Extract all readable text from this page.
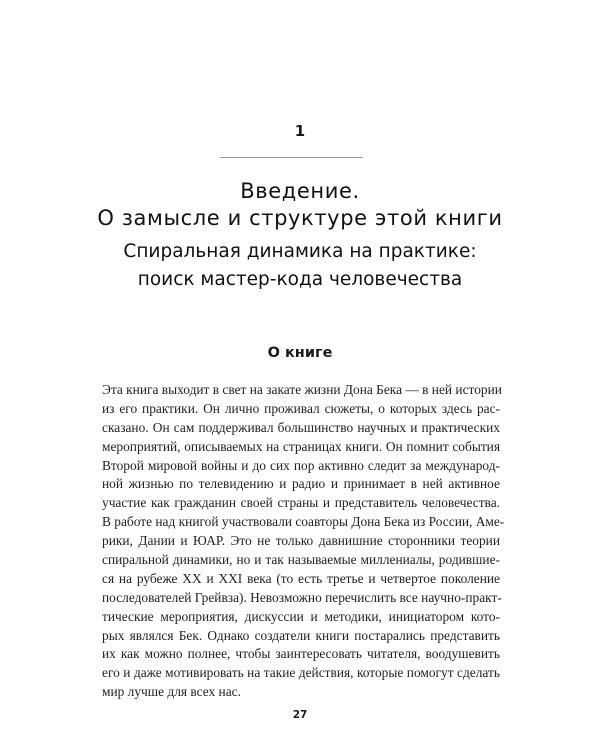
1
Введение.
О замысле и структуре этой книги
Спиральная динамика на практике:
поиск мастер-кода человечества
О книге
Эта книга выходит в свет на закате жизни Дона Бека — в ней истории
из его практики. Он лично проживал сюжеты, о которых здесь рас-
сказано. Он сам поддерживал большинство научных и практических
мероприятий, описываемых на страницах книги. Он помнит события
Второй мировой войны и до сих пор активно следит за международ-
ной жизнью по телевидению и радио и принимает в ней активное
участие как гражданин своей страны и представитель человечества.
В работе над книгой участвовали соавторы Дона Бека из России, Аме-
рики, Дании и ЮАР. Это не только давнишние сторонники теории
спиральной динамики, но и так называемые миллениалы, родившие-
ся на рубеже XX и XXI века (то есть третье и четвертое поколение
последователей Грейвза). Невозможно перечислить все научно-практ-
тические мероприятия, дискуссии и методики, инициатором кото-
рых являлся Бек. Однако создатели книги постарались представить
их как можно полнее, чтобы заинтересовать читателя, воодушевить
его и даже мотивировать на такие действия, которые помогут сделать
мир лучше для всех нас.
27
